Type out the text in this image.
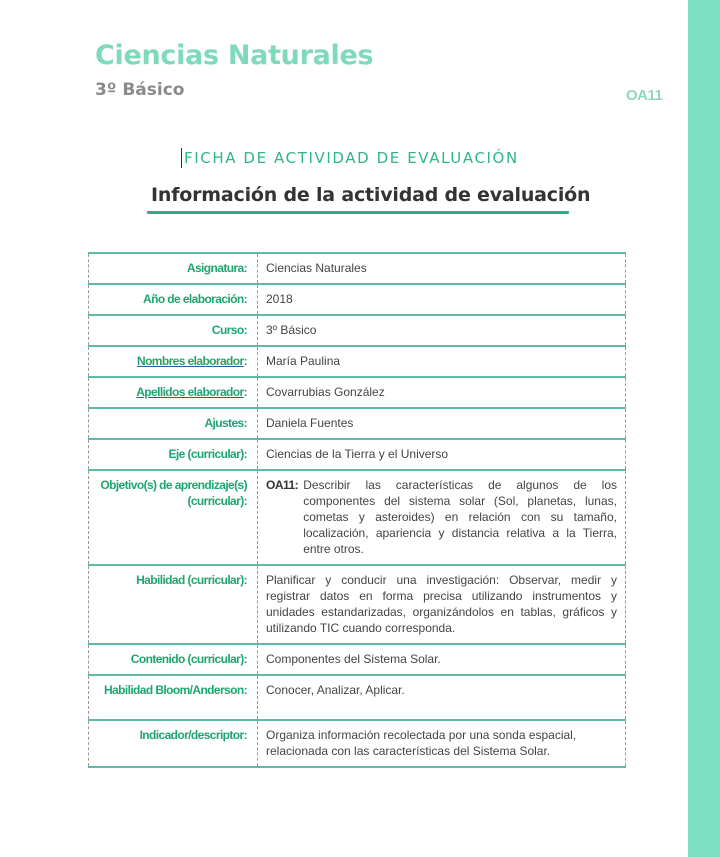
Ciencias Naturales
3º Básico	OA11
FICHA DE ACTIVIDAD DE EVALUACIÓN
Información de la actividad de evaluación
Asignatura:	Ciencias Naturales
Año de elaboración:	2018
Curso:	3º Básico
Nombres elaborador:	María Paulina
Apellidos elaborador:	Covarrubias González
Ajustes:	Daniela Fuentes
Eje (curricular):	Ciencias de la Tierra y el Universo
Objetivo(s) de aprendizaje(s) (curricular):	OA11: Describir las características de algunos de los componentes del sistema solar (Sol, planetas, lunas, cometas y asteroides) en relación con su tamaño, localización, apariencia y distancia relativa a la Tierra, entre otros.

Habilidad (curricular):	Planificar y conducir una investigación: Observar, medir y registrar datos en forma precisa utilizando instrumentos y unidades estandarizadas, organizándolos en tablas, gráficos y utilizando TIC cuando corresponda.
Contenido (curricular):	Componentes del Sistema Solar.
Habilidad Bloom/Anderson:	Conocer, Analizar, Aplicar.
Indicador/descriptor:	Organiza información recolectada por una sonda espacial, relacionada con las características del Sistema Solar.
